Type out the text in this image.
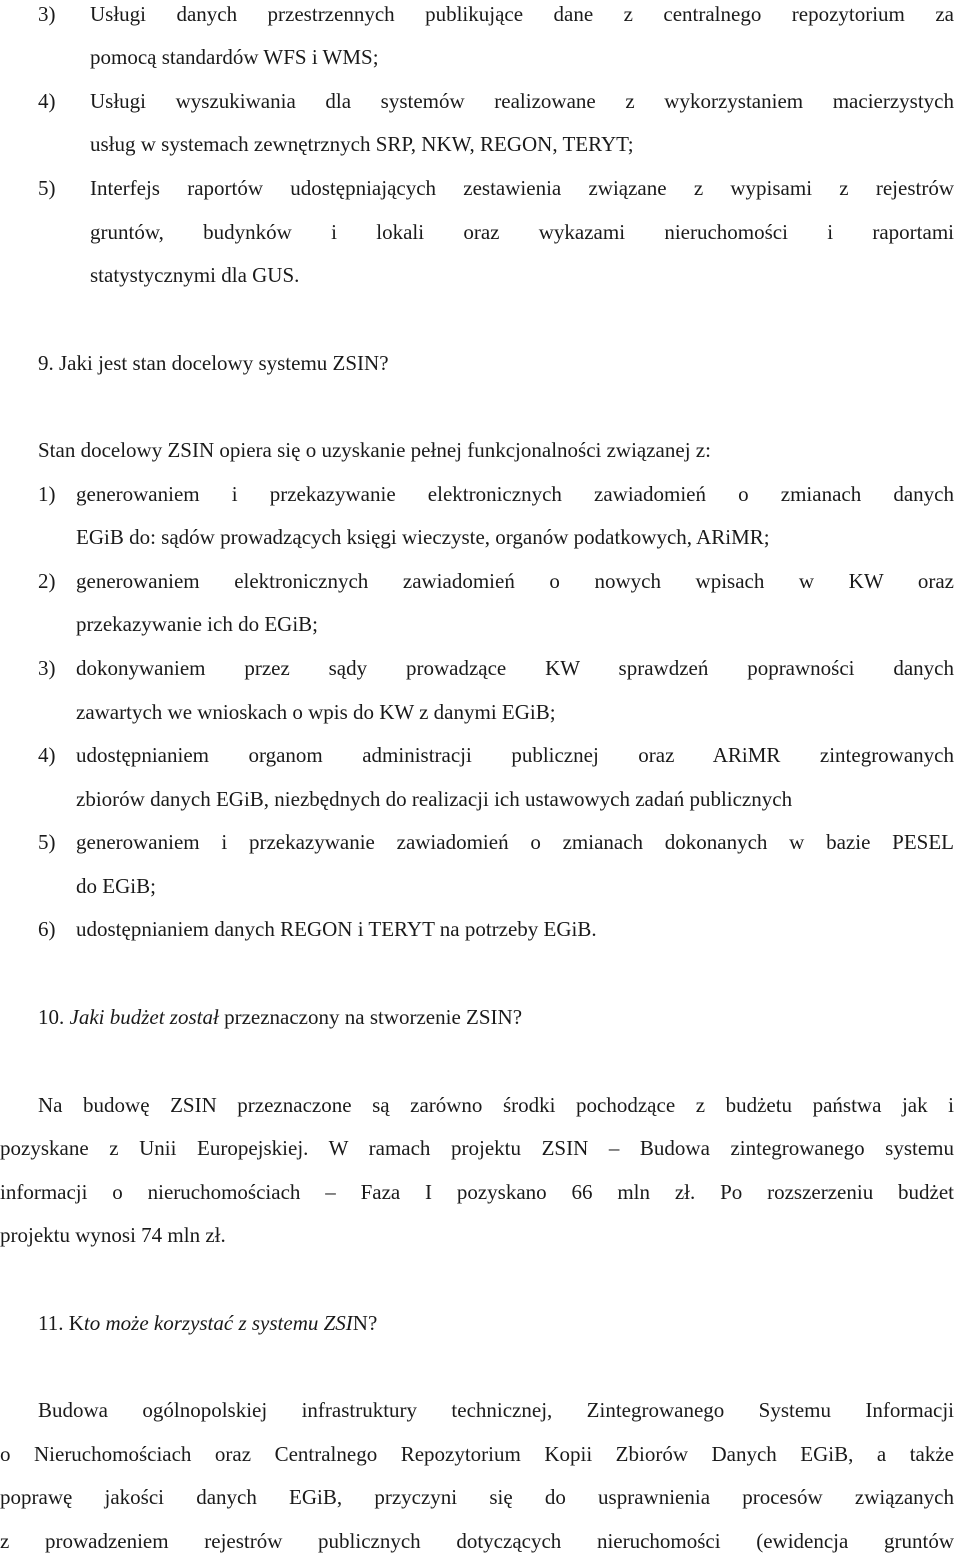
3) Usługi danych przestrzennych publikujące dane z centralnego repozytorium za
pomocą standardów WFS i WMS;
4) Usługi wyszukiwania dla systemów realizowane z wykorzystaniem macierzystych
usług w systemach zewnętrznych SRP, NKW, REGON, TERYT;
5) Interfejs raportów udostępniających zestawienia związane z wypisami z rejestrów
gruntów, budynków i lokali oraz wykazami nieruchomości i raportami
statystycznymi dla GUS.
9. Jaki jest stan docelowy systemu ZSIN?
Stan docelowy ZSIN opiera się o uzyskanie pełnej funkcjonalności związanej z:
1) generowaniem i przekazywanie elektronicznych zawiadomień o zmianach danych
EGiB do: sądów prowadzących księgi wieczyste, organów podatkowych, ARiMR;
2) generowaniem elektronicznych zawiadomień o nowych wpisach w KW oraz
przekazywanie ich do EGiB;
3) dokonywaniem przez sądy prowadzące KW sprawdzeń poprawności danych
zawartych we wnioskach o wpis do KW z danymi EGiB;
4) udostępnianiem organom administracji publicznej oraz ARiMR zintegrowanych
zbiorów danych EGiB, niezbędnych do realizacji ich ustawowych zadań publicznych
5) generowaniem i przekazywanie zawiadomień o zmianach dokonanych w bazie PESEL
do EGiB;
6) udostępnianiem danych REGON i TERYT na potrzeby EGiB.
10. Jaki budżet został przeznaczony na stworzenie ZSIN?
Na budowę ZSIN przeznaczone są zarówno środki pochodzące z budżetu państwa jak i
pozyskane z Unii Europejskiej. W ramach projektu ZSIN – Budowa zintegrowanego systemu
informacji o nieruchomościach – Faza I pozyskano 66 mln zł. Po rozszerzeniu budżet
projektu wynosi 74 mln zł.
11. Kto może korzystać z systemu ZSIN?
Budowa ogólnopolskiej infrastruktury technicznej, Zintegrowanego Systemu Informacji
o Nieruchomościach oraz Centralnego Repozytorium Kopii Zbiorów Danych EGiB, a także
poprawę jakości danych EGiB, przyczyni się do usprawnienia procesów związanych
z prowadzeniem rejestrów publicznych dotyczących nieruchomości (ewidencja gruntów
